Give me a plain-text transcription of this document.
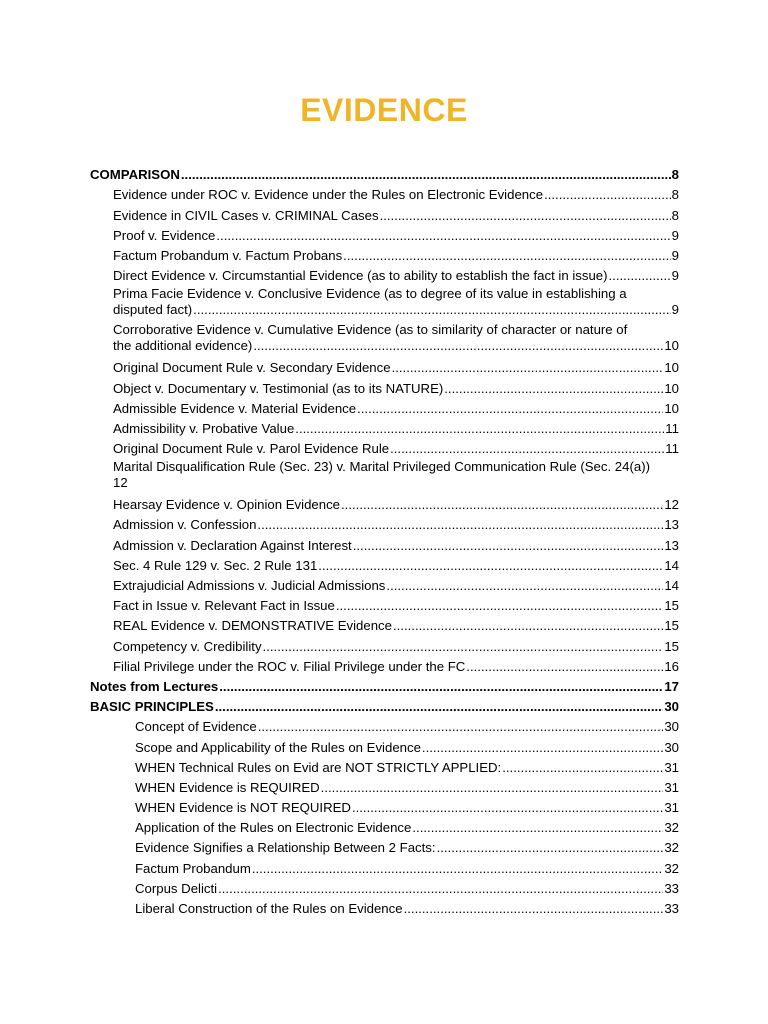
EVIDENCE
COMPARISON .....	8
Evidence under ROC v. Evidence under the Rules on Electronic Evidence .....	8
Evidence in CIVIL Cases v. CRIMINAL Cases .....	8
Proof v. Evidence .....	9
Factum Probandum v. Factum Probans .....	9
Direct Evidence v. Circumstantial Evidence (as to ability to establish the fact in issue) .....	9
Prima Facie Evidence v. Conclusive Evidence (as to degree of its value in establishing a
disputed fact) .....	9
Corroborative Evidence v. Cumulative Evidence (as to similarity of character or nature of
the additional evidence) .....	10
Original Document Rule v. Secondary Evidence .....	10
Object v. Documentary v. Testimonial (as to its NATURE) .....	10
Admissible Evidence v. Material Evidence .....	10
Admissibility v. Probative Value .....	11
Original Document Rule v. Parol Evidence Rule .....	11
Marital Disqualification Rule (Sec. 23) v. Marital Privileged Communication Rule (Sec. 24(a))
12
Hearsay Evidence v. Opinion Evidence .....	12
Admission v. Confession .....	13
Admission v. Declaration Against Interest .....	13
Sec. 4 Rule 129 v. Sec. 2 Rule 131 .....	14
Extrajudicial Admissions v. Judicial Admissions .....	14
Fact in Issue v. Relevant Fact in Issue .....	15
REAL Evidence v. DEMONSTRATIVE Evidence .....	15
Competency v. Credibility .....	15
Filial Privilege under the ROC v. Filial Privilege under the FC .....	16
Notes from Lectures .....	17
BASIC PRINCIPLES .....	30
Concept of Evidence .....	30
Scope and Applicability of the Rules on Evidence .....	30
WHEN Technical Rules on Evid are NOT STRICTLY APPLIED: .....	31
WHEN Evidence is REQUIRED .....	31
WHEN Evidence is NOT REQUIRED .....	31
Application of the Rules on Electronic Evidence .....	32
Evidence Signifies a Relationship Between 2 Facts: .....	32
Factum Probandum .....	32
Corpus Delicti .....	33
Liberal Construction of the Rules on Evidence .....	33
